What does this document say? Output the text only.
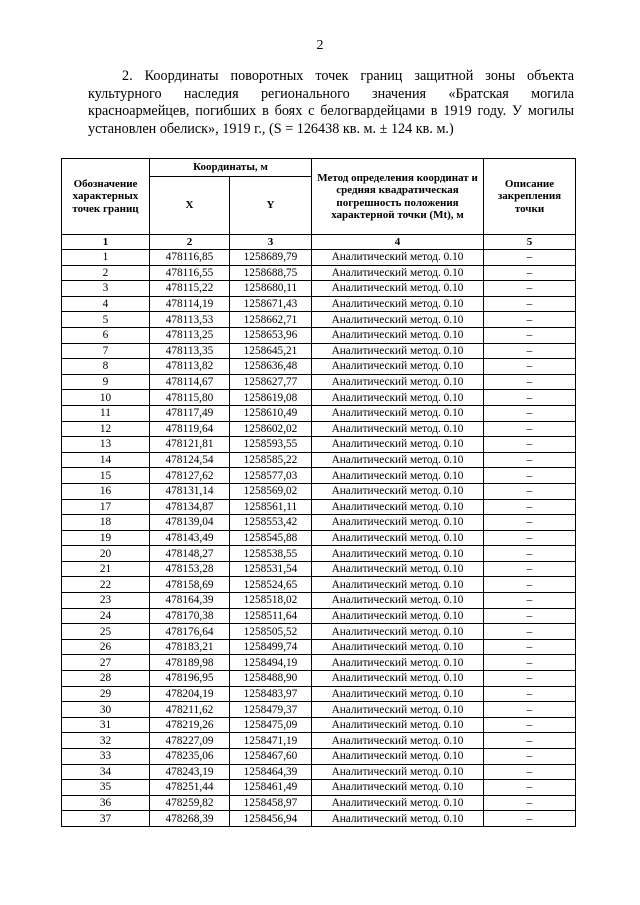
2

2. Координаты поворотных точек границ защитной зоны объекта культурного наследия регионального значения «Братская могила красноармейцев, погибших в боях с белогвардейцами в 1919 году. У могилы установлен обелиск», 1919 г., (S = 126438 кв. м. ± 124 кв. м.)

Обозначение характерных точек границ	Координаты, м		Метод определения координат и средняя квадратическая погрешность положения характерной точки (Mt), м	Описание закрепления точки
	X	Y		
1	2	3	4	5
1	478116,85	1258689,79	Аналитический метод. 0.10	–
2	478116,55	1258688,75	Аналитический метод. 0.10	–
3	478115,22	1258680,11	Аналитический метод. 0.10	–
4	478114,19	1258671,43	Аналитический метод. 0.10	–
5	478113,53	1258662,71	Аналитический метод. 0.10	–
6	478113,25	1258653,96	Аналитический метод. 0.10	–
7	478113,35	1258645,21	Аналитический метод. 0.10	–
8	478113,82	1258636,48	Аналитический метод. 0.10	–
9	478114,67	1258627,77	Аналитический метод. 0.10	–
10	478115,80	1258619,08	Аналитический метод. 0.10	–
11	478117,49	1258610,49	Аналитический метод. 0.10	–
12	478119,64	1258602,02	Аналитический метод. 0.10	–
13	478121,81	1258593,55	Аналитический метод. 0.10	–
14	478124,54	1258585,22	Аналитический метод. 0.10	–
15	478127,62	1258577,03	Аналитический метод. 0.10	–
16	478131,14	1258569,02	Аналитический метод. 0.10	–
17	478134,87	1258561,11	Аналитический метод. 0.10	–
18	478139,04	1258553,42	Аналитический метод. 0.10	–
19	478143,49	1258545,88	Аналитический метод. 0.10	–
20	478148,27	1258538,55	Аналитический метод. 0.10	–
21	478153,28	1258531,54	Аналитический метод. 0.10	–
22	478158,69	1258524,65	Аналитический метод. 0.10	–
23	478164,39	1258518,02	Аналитический метод. 0.10	–
24	478170,38	1258511,64	Аналитический метод. 0.10	–
25	478176,64	1258505,52	Аналитический метод. 0.10	–
26	478183,21	1258499,74	Аналитический метод. 0.10	–
27	478189,98	1258494,19	Аналитический метод. 0.10	–
28	478196,95	1258488,90	Аналитический метод. 0.10	–
29	478204,19	1258483,97	Аналитический метод. 0.10	–
30	478211,62	1258479,37	Аналитический метод. 0.10	–
31	478219,26	1258475,09	Аналитический метод. 0.10	–
32	478227,09	1258471,19	Аналитический метод. 0.10	–
33	478235,06	1258467,60	Аналитический метод. 0.10	–
34	478243,19	1258464,39	Аналитический метод. 0.10	–
35	478251,44	1258461,49	Аналитический метод. 0.10	–
36	478259,82	1258458,97	Аналитический метод. 0.10	–
37	478268,39	1258456,94	Аналитический метод. 0.10	–
